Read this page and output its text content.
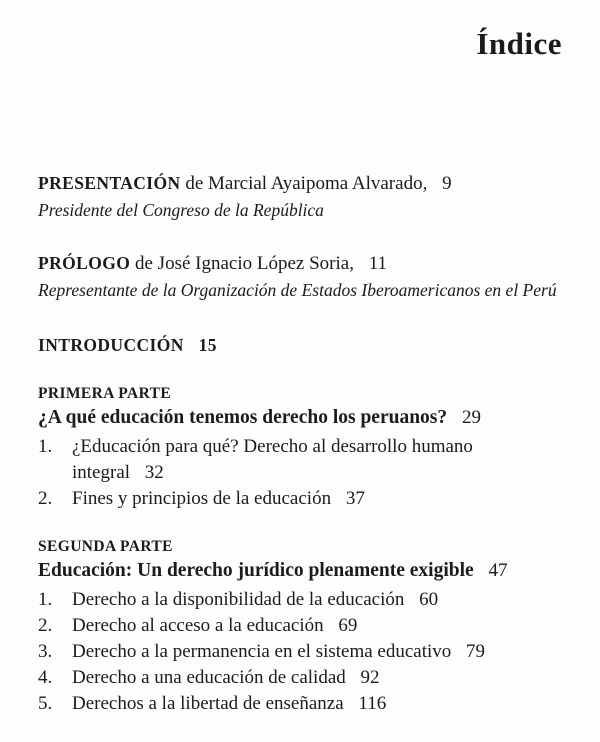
Índice
PRESENTACIÓN de Marcial Ayaipoma Alvarado, 9
Presidente del Congreso de la República
PRÓLOGO de José Ignacio López Soria, 11
Representante de la Organización de Estados Iberoamericanos en el Perú
INTRODUCCIÓN 15
PRIMERA PARTE
¿A qué educación tenemos derecho los peruanos? 29
1.	¿Educación para qué? Derecho al desarrollo humano
integral 32
2.	Fines y principios de la educación 37
SEGUNDA PARTE
Educación: Un derecho jurídico plenamente exigible 47
1.	Derecho a la disponibilidad de la educación 60
2.	Derecho al acceso a la educación 69
3.	Derecho a la permanencia en el sistema educativo 79
4.	Derecho a una educación de calidad 92
5.	Derechos a la libertad de enseñanza 116
